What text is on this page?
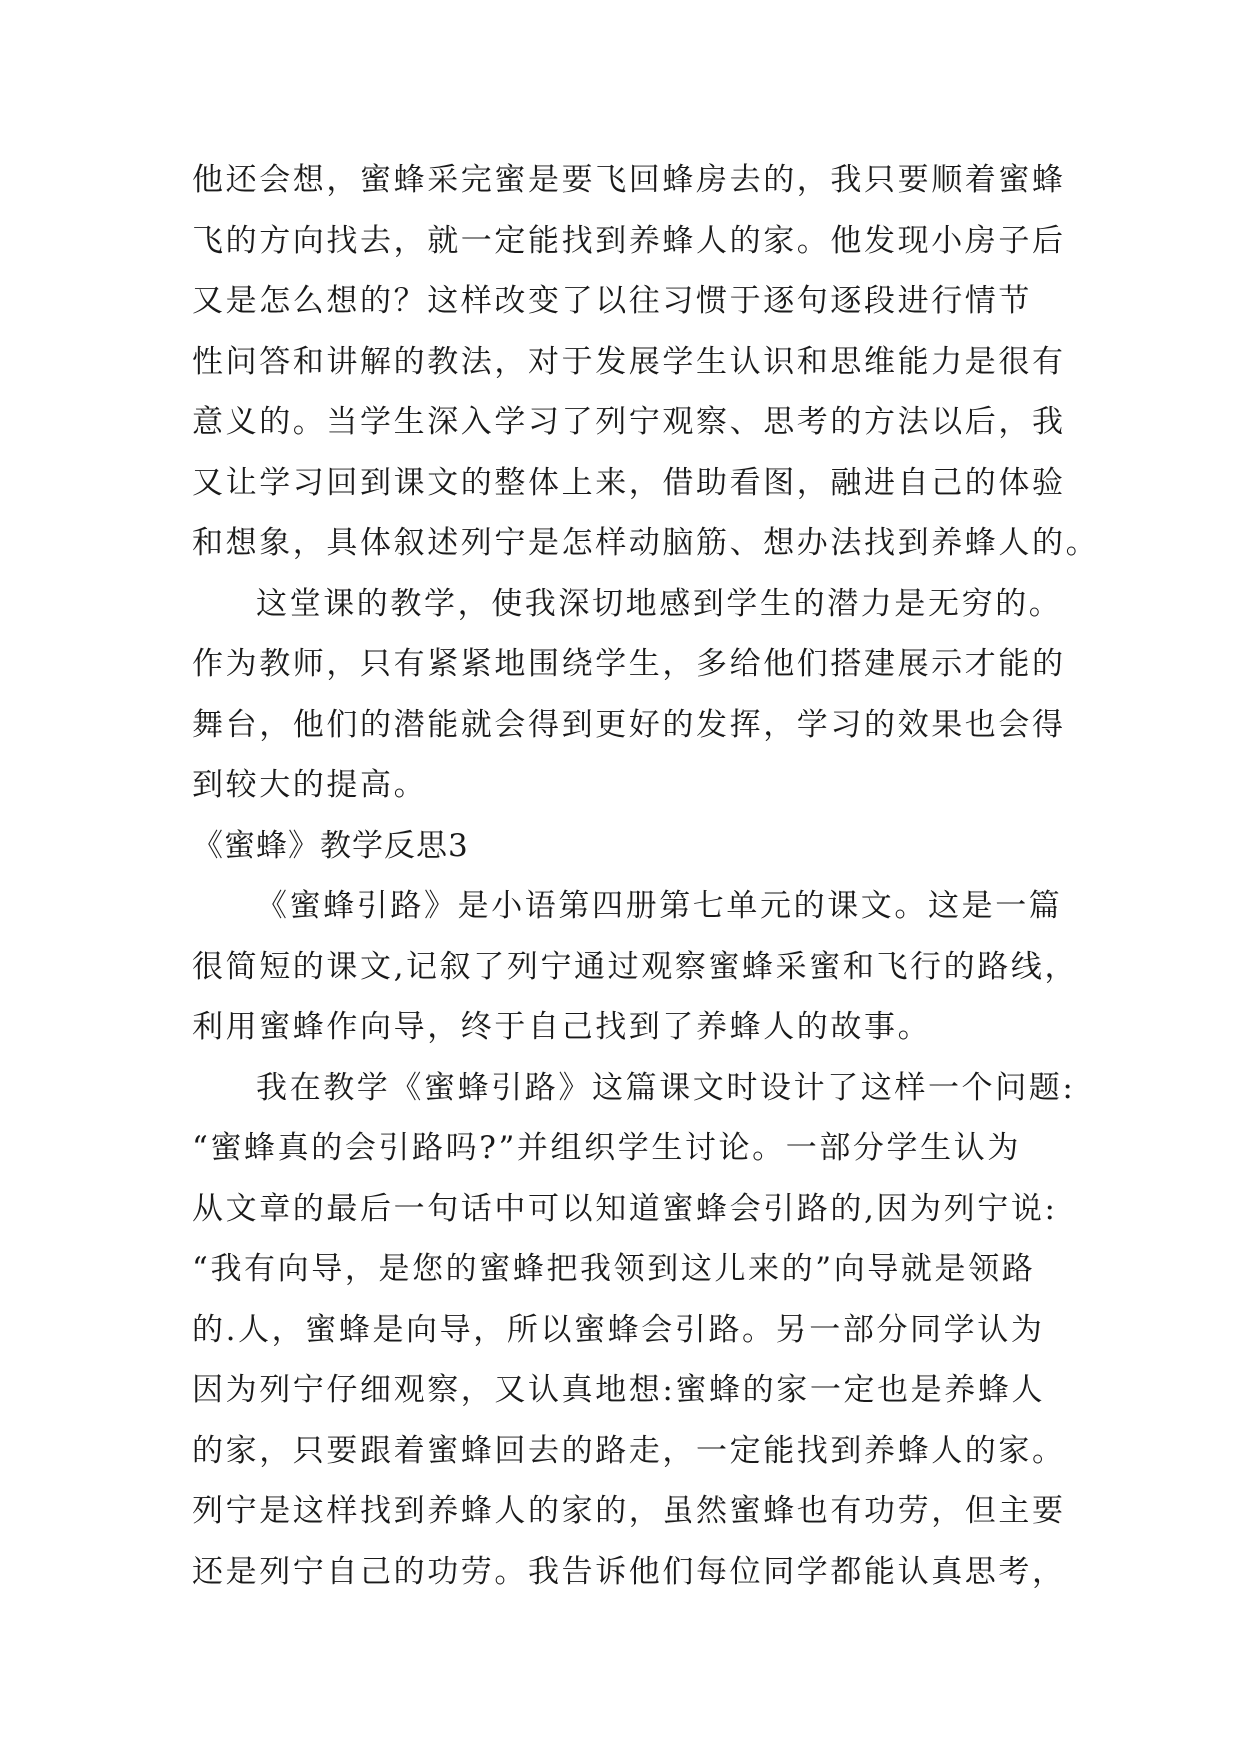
他还会想，蜜蜂采完蜜是要飞回蜂房去的，我只要顺着蜜蜂
飞的方向找去，就一定能找到养蜂人的家。他发现小房子后
又是怎么想的？这样改变了以往习惯于逐句逐段进行情节
性问答和讲解的教法，对于发展学生认识和思维能力是很有
意义的。当学生深入学习了列宁观察、思考的方法以后，我
又让学习回到课文的整体上来，借助看图，融进自己的体验
和想象，具体叙述列宁是怎样动脑筋、想办法找到养蜂人的。
这堂课的教学，使我深切地感到学生的潜力是无穷的。
作为教师，只有紧紧地围绕学生，多给他们搭建展示才能的
舞台，他们的潜能就会得到更好的发挥，学习的效果也会得
到较大的提高。
《蜜蜂》教学反思3
《蜜蜂引路》是小语第四册第七单元的课文。这是一篇
很简短的课文,记叙了列宁通过观察蜜蜂采蜜和飞行的路线，
利用蜜蜂作向导，终于自己找到了养蜂人的故事。
我在教学《蜜蜂引路》这篇课文时设计了这样一个问题:
“蜜蜂真的会引路吗?”并组织学生讨论。一部分学生认为
从文章的最后一句话中可以知道蜜蜂会引路的,因为列宁说:
“我有向导，是您的蜜蜂把我领到这儿来的”向导就是领路
的.人，蜜蜂是向导，所以蜜蜂会引路。另一部分同学认为
因为列宁仔细观察，又认真地想:蜜蜂的家一定也是养蜂人
的家，只要跟着蜜蜂回去的路走，一定能找到养蜂人的家。
列宁是这样找到养蜂人的家的，虽然蜜蜂也有功劳，但主要
还是列宁自己的功劳。我告诉他们每位同学都能认真思考，
